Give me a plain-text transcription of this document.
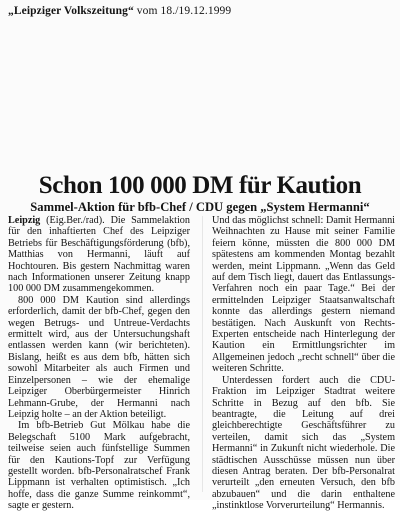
„Leipziger Volkszeitung“ vom 18./19.12.1999
Schon 100 000 DM für Kaution
Sammel-Aktion für bfb-Chef / CDU gegen „System Hermanni“

Leipzig (Eig.Ber./rad). Die Sammelaktion für den inhaftierten Chef des Leipziger Betriebs für Beschäftigungsförderung (bfb), Matthias von Hermanni, läuft auf Hochtouren. Bis gestern Nachmittag waren nach Informationen unserer Zeitung knapp 100 000 DM zusammengekommen.

800 000 DM Kaution sind allerdings erforderlich, damit der bfb-Chef, gegen den wegen Betrugs- und Untreue-Verdachts ermittelt wird, aus der Untersuchungshaft entlassen werden kann (wir berichteten). Bislang, heißt es aus dem bfb, hätten sich sowohl Mitarbeiter als auch Firmen und Einzelpersonen – wie der ehemalige Leipziger Oberbürgermeister Hinrich Lehmann-Grube, der Hermanni nach Leipzig holte – an der Aktion beteiligt.

Im bfb-Betrieb Gut Mölkau habe die Belegschaft 5100 Mark aufgebracht, teilweise seien auch fünfstellige Summen für den Kautions-Topf zur Verfügung gestellt worden. bfb-Personalratschef Frank Lippmann ist verhalten optimistisch. „Ich hoffe, dass die ganze Summe reinkommt“, sagte er gestern.

Und das möglichst schnell: Damit Hermanni Weihnachten zu Hause mit seiner Familie feiern könne, müssten die 800 000 DM spätestens am kommenden Montag bezahlt werden, meint Lippmann. „Wenn das Geld auf dem Tisch liegt, dauert das Entlassungs-Verfahren noch ein paar Tage.“ Bei der ermittelnden Leipziger Staatsanwaltschaft konnte das allerdings gestern niemand bestätigen. Nach Auskunft von Rechts-Experten entscheide nach Hinterlegung der Kaution ein Ermittlungsrichter im Allgemeinen jedoch „recht schnell“ über die weiteren Schritte.

Unterdessen fordert auch die CDU-Fraktion im Leipziger Stadtrat weitere Schritte in Bezug auf den bfb. Sie beantragte, die Leitung auf drei gleichberechtigte Geschäftsführer zu verteilen, damit sich das „System Hermanni“ in Zukunft nicht wiederhole. Die städtischen Ausschüsse müssen nun über diesen Antrag beraten. Der bfb-Personalrat verurteilt „den erneuten Versuch, den bfb abzubauen“ und die darin enthaltene „instinktlose Vorverurteilung“ Hermannis.
